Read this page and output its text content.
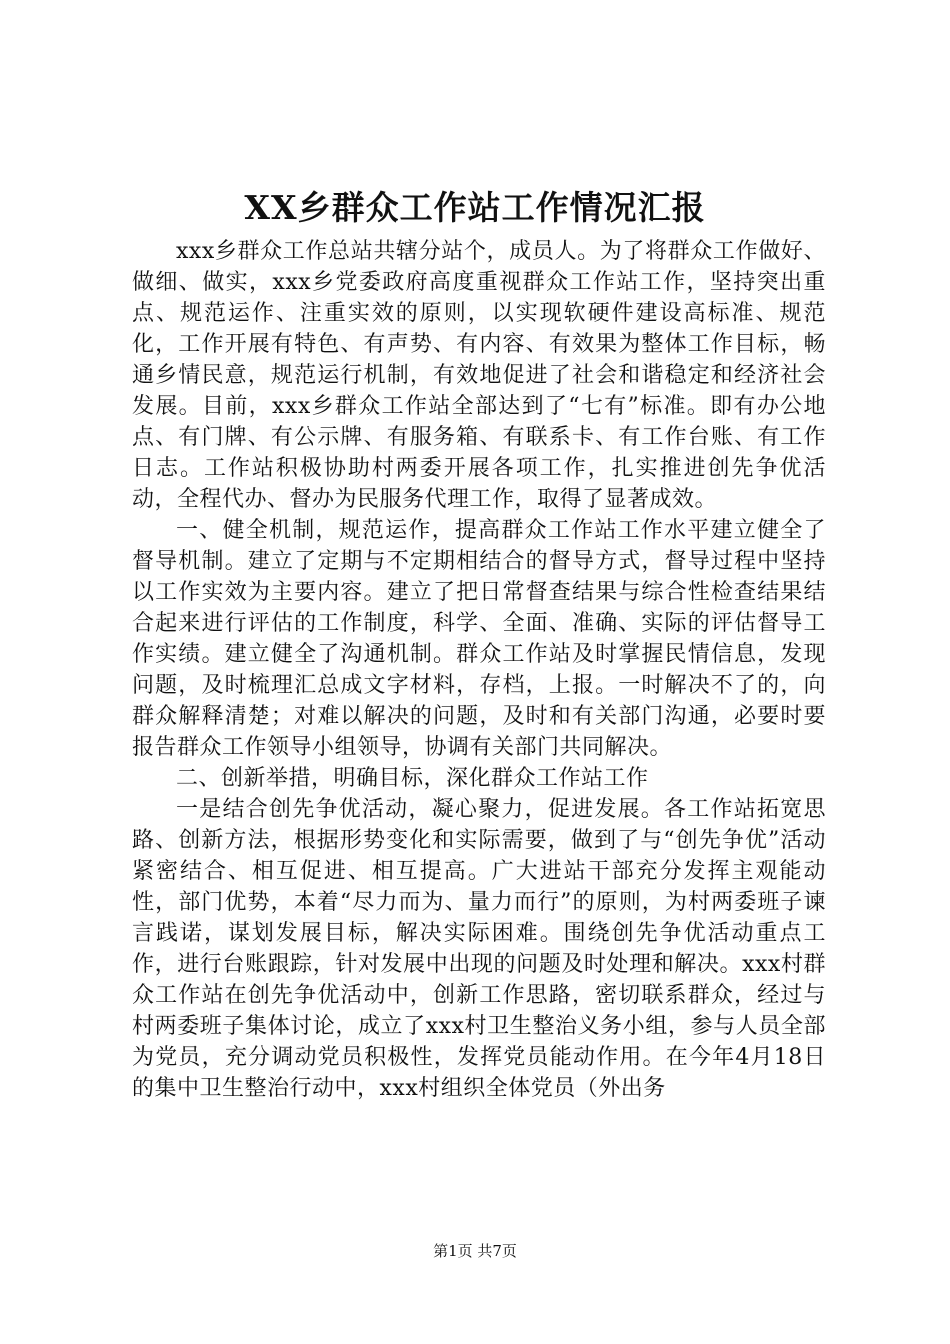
XX乡群众工作站工作情况汇报

xxx乡群众工作总站共辖分站个，成员人。为了将群众工作做好、做细、做实，xxx乡党委政府高度重视群众工作站工作，坚持突出重点、规范运作、注重实效的原则，以实现软硬件建设高标准、规范化，工作开展有特色、有声势、有内容、有效果为整体工作目标，畅通乡情民意，规范运行机制，有效地促进了社会和谐稳定和经济社会发展。目前，xxx乡群众工作站全部达到了“七有”标准。即有办公地点、有门牌、有公示牌、有服务箱、有联系卡、有工作台账、有工作日志。工作站积极协助村两委开展各项工作，扎实推进创先争优活动，全程代办、督办为民服务代理工作，取得了显著成效。

一、健全机制，规范运作，提高群众工作站工作水平建立健全了督导机制。建立了定期与不定期相结合的督导方式，督导过程中坚持以工作实效为主要内容。建立了把日常督查结果与综合性检查结果结合起来进行评估的工作制度，科学、全面、准确、实际的评估督导工作实绩。建立健全了沟通机制。群众工作站及时掌握民情信息，发现问题，及时梳理汇总成文字材料，存档，上报。一时解决不了的，向群众解释清楚；对难以解决的问题，及时和有关部门沟通，必要时要报告群众工作领导小组领导，协调有关部门共同解决。

二、创新举措，明确目标，深化群众工作站工作

一是结合创先争优活动，凝心聚力，促进发展。各工作站拓宽思路、创新方法，根据形势变化和实际需要，做到了与“创先争优”活动紧密结合、相互促进、相互提高。广大进站干部充分发挥主观能动性，部门优势，本着“尽力而为、量力而行”的原则，为村两委班子谏言践诺，谋划发展目标，解决实际困难。围绕创先争优活动重点工作，进行台账跟踪，针对发展中出现的问题及时处理和解决。xxx村群众工作站在创先争优活动中，创新工作思路，密切联系群众，经过与村两委班子集体讨论，成立了xxx村卫生整治义务小组，参与人员全部为党员，充分调动党员积极性，发挥党员能动作用。在今年4月18日的集中卫生整治行动中，xxx村组织全体党员（外出务

第1页 共7页
